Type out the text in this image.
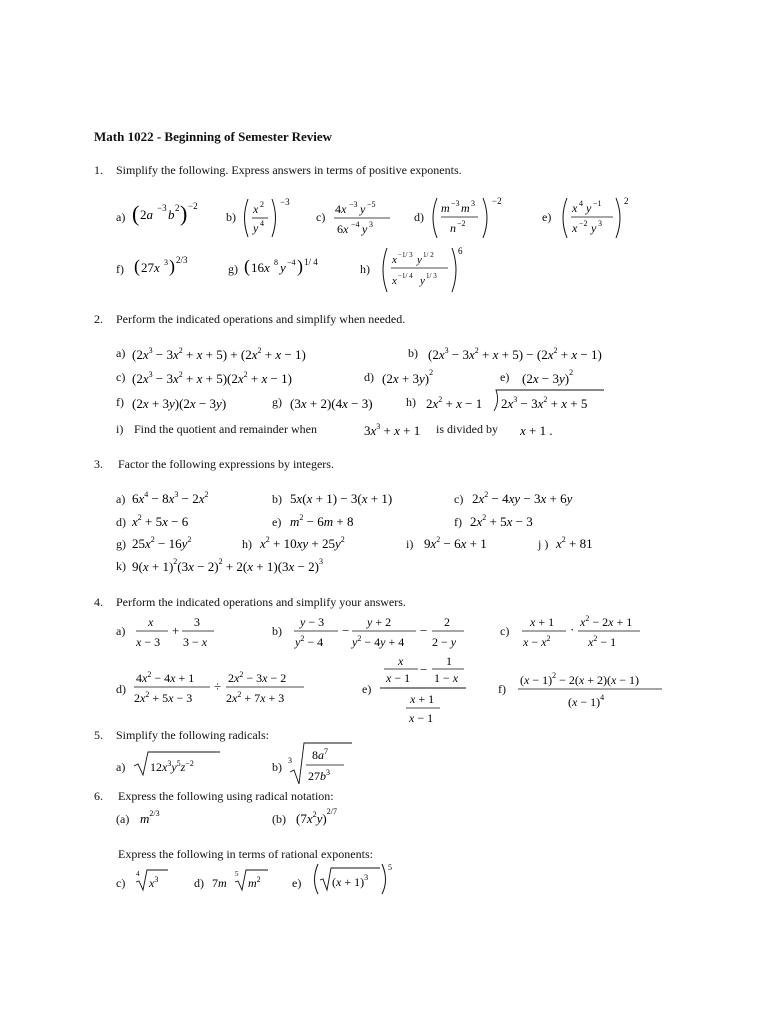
Math 1022 - Beginning of Semester Review
1. Simplify the following. Express answers in terms of positive exponents.
a) ( 2a −3 b 2 ) −2
b)
x 2
y 4
−3
c)
4x −3 y −5
6x −4 y 3
d)
m −3 m 3
n −2
−2
e)
x 4 y −1
x −2 y 3
2
f) ( 27x 3 ) 2/3
g) ( 16x 8 y −4 ) 1/ 4	h)
x −1/ 3 y 1/ 2
x −1/ 4 y 1/ 3
6
2. Perform the indicated operations and simplify when needed.
a) $(2x^3 - 3x^2 + x + 5) + (2x^2 + x - 1)$	b) $(2x^3 - 3x^2 + x + 5) - (2x^2 + x - 1)$
c) $(2x^3 - 3x^2 + x + 5)(2x^2 + x - 1)$	d) $(2x + 3y)^2$	e) $(2x - 3y)^2$
f) (2x + 3y)(2x − 3y)	g) (3x + 2)(4x − 3)	h) $2x^2 + x - 1$ $2x^3 - 3x^2 + x + 5$
i) Find the quotient and remainder when	$3x^3 + x + 1$ is divided by x + 1 .
3. Factor the following expressions by integers.
a) $6x^4 - 8x^3 - 2x^2$	b) 5x(x + 1) − 3(x + 1)	c) $2x^2 - 4xy - 3x + 6y$
d) $x^2 + 5x - 6$	e) $m^2 - 6m + 8$	f) $2x^2 + 5x - 3$
g) $25x^2 - 16y^2$	h) $x^2 + 10xy + 25y^2$	i) $9x^2 - 6x + 1$	j ) $x^2 + 81$
k) $9(x + 1)^2(3x - 2)^2 + 2(x + 1)(3x - 2)^3$
4. Perform the indicated operations and simplify your answers.
a)
x
x − 3
+
3
3 − x
b)
y − 3
$y^2 - 4$
−
y + 2
$y^2 - 4y + 4$
−
2
2 − y
c)
x + 1
$x - x^2$
· $x^2 - 2x + 1$
$x^2 - 1$
d)
$4x^2 - 4x + 1$
$2x^2 + 5x - 3$
÷
$2x^2 - 3x - 2$
$2x^2 + 7x + 3$
e)
x
x − 1
−
1
1 − x
x + 1
x − 1
f)
$(x - 1)^2 - 2(x + 2)(x - 1)$
$(x - 1)^4$
5. Simplify the following radicals:
a) $12x^3y^5z^{-2}$	b) 3 $8a^7$
$27b^3$
6. Express the following using radical notation:
(a) $m^{2/3}$	(b) $(7x^2y)^{2/7}$
Express the following in terms of rational exponents:
c)
4
$x^3$	d) 7m
5
$m^2$	e)	$(x + 1)^3$
5
